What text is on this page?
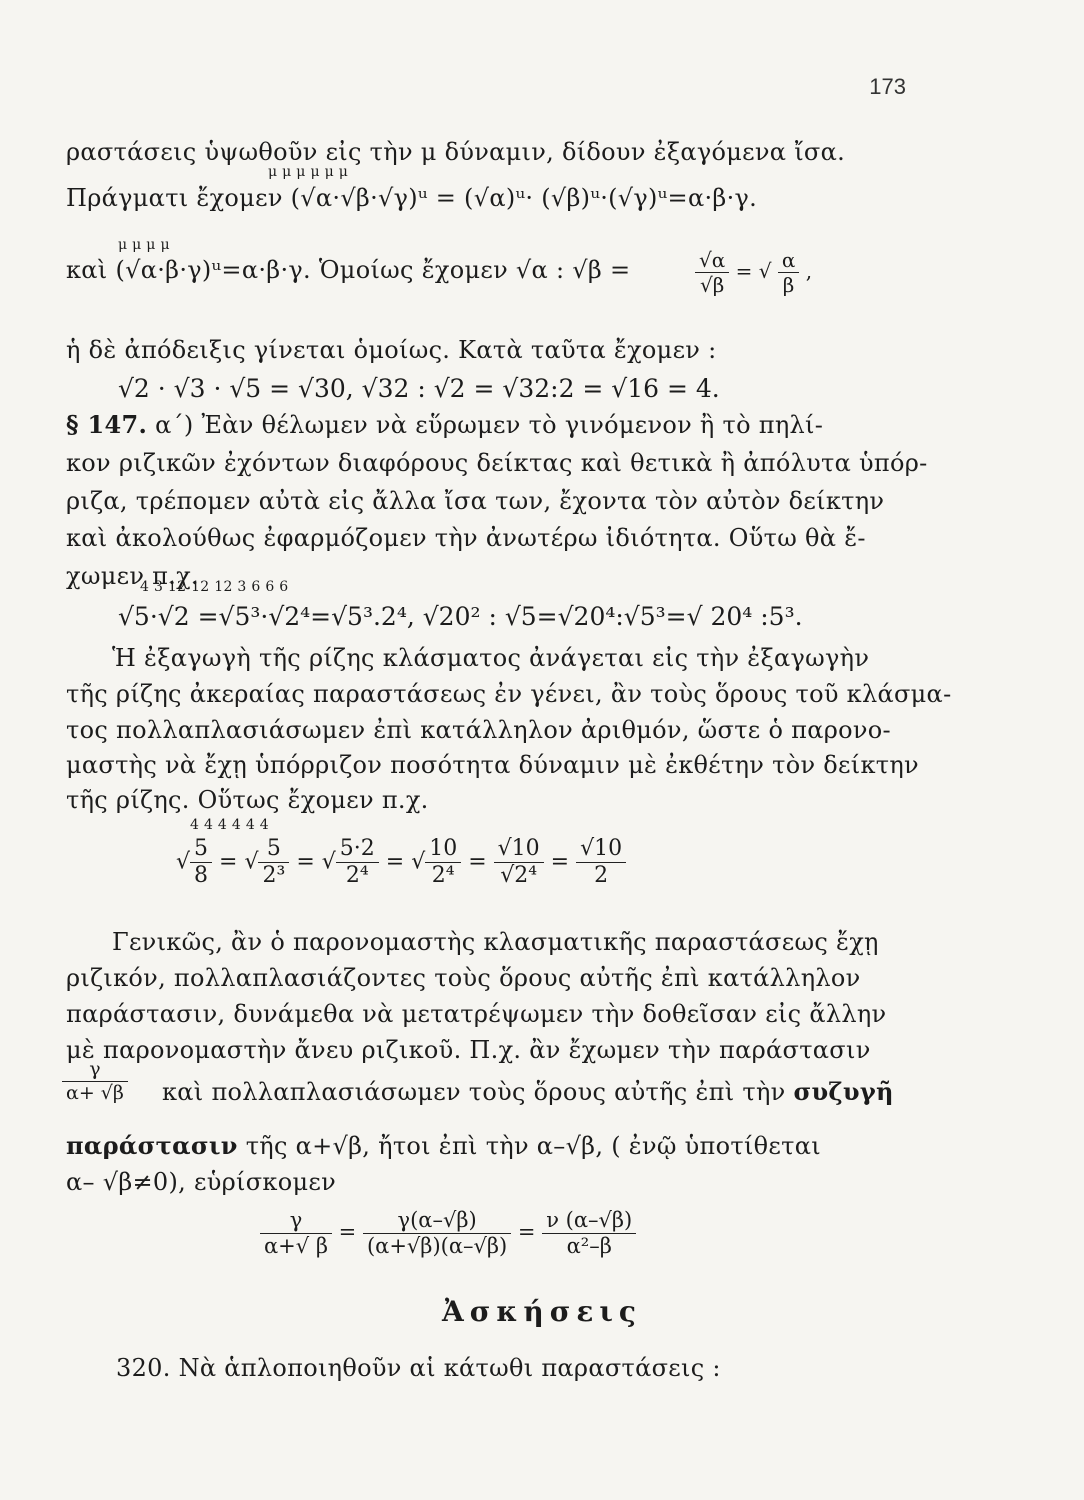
173
ραστάσεις ὑψωθοῦν εἰς τὴν μ δύναμιν, δίδουν ἐξαγόμενα ἴσα.
μ μ μ μ μ μ
Πράγματι ἔχομεν (√α·√β·√γ)ᵘ = (√α)ᵘ· (√β)ᵘ·(√γ)ᵘ=α·β·γ.
μ μ μ μ
καὶ (√α·β·γ)ᵘ=α·β·γ. Ὁμοίως ἔχομεν √α : √β =	$\frac{√\alpha}{√\beta}$ = √ $\frac{\alpha}{\beta}$ ,
ἡ δὲ ἀπόδειξις γίνεται ὁμοίως. Κατὰ ταῦτα ἔχομεν :
√2 · √3 · √5 = √30, √32 : √2 = √32:2 = √16 = 4.
§ 147. α΄) Ἐὰν θέλωμεν νὰ εὕρωμεν τὸ γινόμενον ἢ τὸ πηλί-
κον ριζικῶν ἐχόντων διαφόρους δείκτας καὶ θετικὰ ἢ ἀπόλυτα ὑπόρ-
ριζα, τρέπομεν αὐτὰ εἰς ἄλλα ἴσα των, ἔχοντα τὸν αὐτὸν δείκτην
καὶ ἀκολούθως ἐφαρμόζομεν τὴν ἀνωτέρω ἰδιότητα. Οὕτω θὰ ἔ-
χωμεν π.χ.
4 3 12 12 12 3 6 6 6
√5·√2 =√5³·√2⁴=√5³.2⁴, √20² : √5=√20⁴:√5³=√ 20⁴ :5³.
Ἡ ἐξαγωγὴ τῆς ρίζης κλάσματος ἀνάγεται εἰς τὴν ἐξαγωγὴν
τῆς ρίζης ἀκεραίας παραστάσεως ἐν γένει, ἂν τοὺς ὅρους τοῦ κλάσμα-
τος πολλαπλασιάσωμεν ἐπὶ κατάλληλον ἀριθμόν, ὥστε ὁ παρονο-
μαστὴς νὰ ἔχῃ ὑπόρριζον ποσότητα δύναμιν μὲ ἐκθέτην τὸν δείκτην
τῆς ρίζης. Οὕτως ἔχομεν π.χ.
4 4 4 4 4 4
√ $\frac{5}{8}$ = √ $\frac{5}{\text{2³}}$ = √ $\frac{5\cdot 2}{\text{2⁴}}$ = √ $\frac{10}{\text{2⁴}} = \frac{√10}{\text{√2⁴}} = \frac{√10}{2}$
Γενικῶς, ἂν ὁ παρονομαστὴς κλασματικῆς παραστάσεως ἔχῃ
ριζικόν, πολλαπλασιάζοντες τοὺς ὅρους αὐτῆς ἐπὶ κατάλληλον
παράστασιν, δυνάμεθα νὰ μετατρέψωμεν τὴν δοθεῖσαν εἰς ἄλλην
μὲ παρονομαστὴν ἄνευ ριζικοῦ. Π.χ. ἂν ἔχωμεν τὴν παράστασιν
$\frac{\gamma}{\alpha+ √\beta}$ καὶ πολλαπλασιάσωμεν τοὺς ὅρους αὐτῆς ἐπὶ τὴν συζυγῆ
παράστασιν τῆς α+√β, ἤτοι ἐπὶ τὴν α–√β, ( ἐνῷ ὑποτίθεται
α– √β≠0), εὑρίσκομεν
$\frac{\gamma}{\alpha+√ \beta} = \frac{\gamma(\alpha-√\beta)}{(\alpha+√\beta)(\alpha-√\beta)} = \frac{\nu (\alpha-√\beta)}{\text{α²–β}}$
Ἀσκήσεις
320. Νὰ ἁπλοποιηθοῦν αἱ κάτωθι παραστάσεις :
